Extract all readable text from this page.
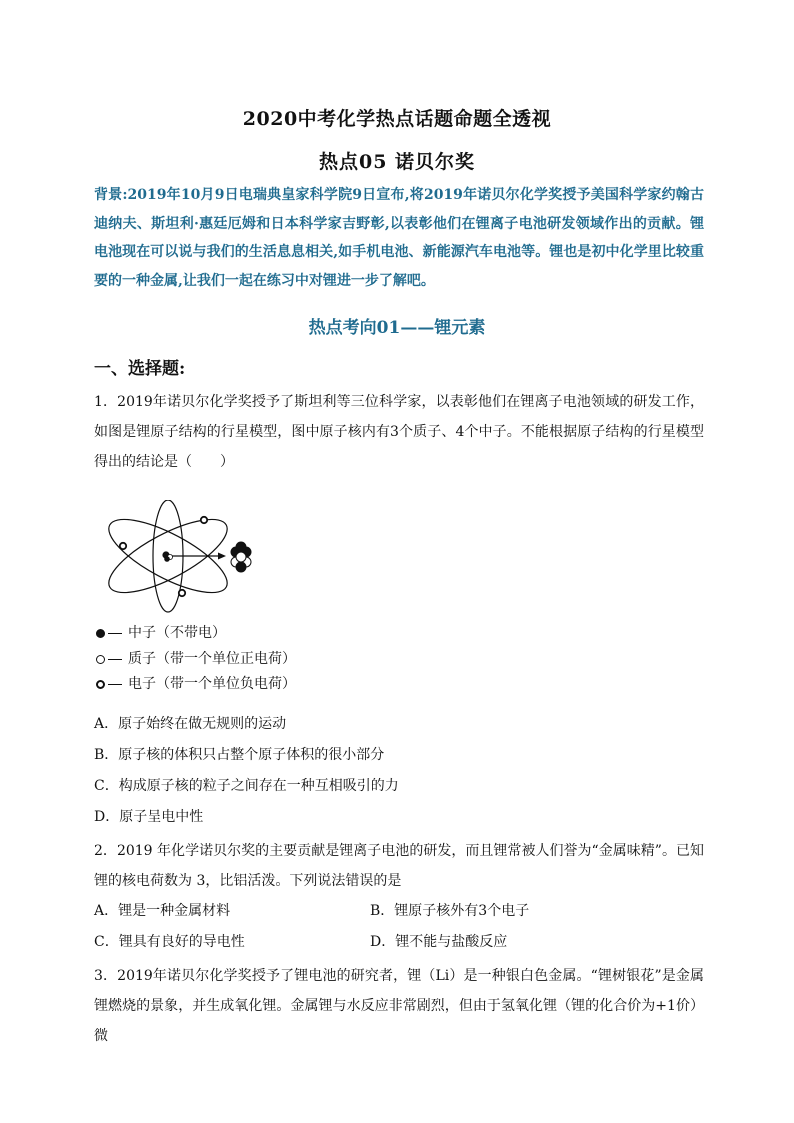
2020中考化学热点话题命题全透视
热点05 诺贝尔奖
背景:2019年10月9日电瑞典皇家科学院9日宣布,将2019年诺贝尔化学奖授予美国科学家约翰古迪纳夫、斯坦利·惠廷厄姆和日本科学家吉野彰,以表彰他们在锂离子电池研发领域作出的贡献。锂电池现在可以说与我们的生活息息相关,如手机电池、新能源汽车电池等。锂也是初中化学里比较重要的一种金属,让我们一起在练习中对锂进一步了解吧。
热点考向01——锂元素
一、选择题:
1．2019年诺贝尔化学奖授予了斯坦利等三位科学家，以表彰他们在锂离子电池领域的研发工作，如图是锂原子结构的行星模型，图中原子核内有3个质子、4个中子。不能根据原子结构的行星模型得出的结论是（　　）
中子（不带电）
质子（带一个单位正电荷）
电子（带一个单位负电荷）
A．原子始终在做无规则的运动
B．原子核的体积只占整个原子体积的很小部分
C．构成原子核的粒子之间存在一种互相吸引的力
D．原子呈电中性
2．2019 年化学诺贝尔奖的主要贡献是锂离子电池的研发，而且锂常被人们誉为“金属味精”。已知锂的核电荷数为 3，比铝活泼。下列说法错误的是
A．锂是一种金属材料	B．锂原子核外有3个电子
C．锂具有良好的导电性	D．锂不能与盐酸反应
3．2019年诺贝尔化学奖授予了锂电池的研究者，锂（Li）是一种银白色金属。“锂树银花”是金属锂燃烧的景象，并生成氧化锂。金属锂与水反应非常剧烈，但由于氢氧化锂（锂的化合价为+1价）微
